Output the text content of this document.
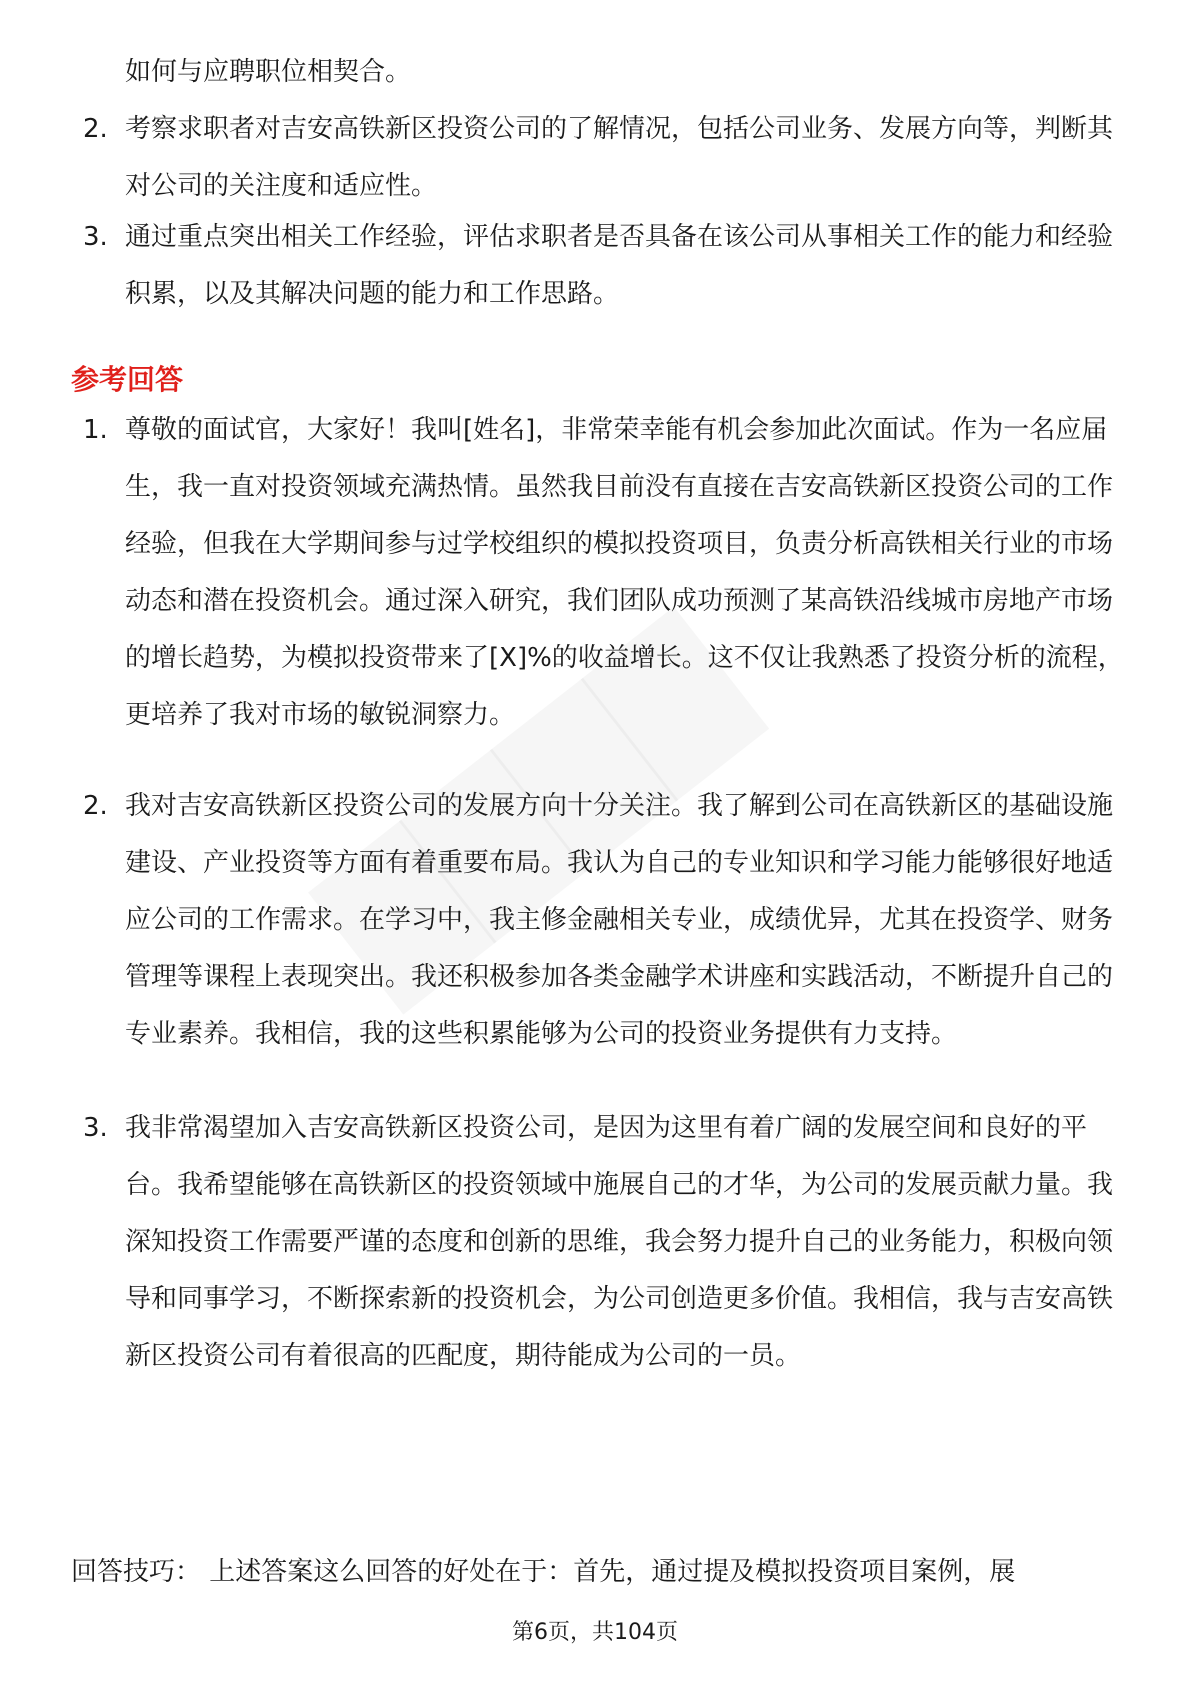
如何与应聘职位相契合。

2. 考察求职者对吉安高铁新区投资公司的了解情况，包括公司业务、发展方向等，判断其对公司的关注度和适应性。

3. 通过重点突出相关工作经验，评估求职者是否具备在该公司从事相关工作的能力和经验积累，以及其解决问题的能力和工作思路。

参考回答
1. 尊敬的面试官，大家好！我叫[姓名]，非常荣幸能有机会参加此次面试。作为一名应届生，我一直对投资领域充满热情。虽然我目前没有直接在吉安高铁新区投资公司的工作经验，但我在大学期间参与过学校组织的模拟投资项目，负责分析高铁相关行业的市场动态和潜在投资机会。通过深入研究，我们团队成功预测了某高铁沿线城市房地产市场的增长趋势，为模拟投资带来了[X]%的收益增长。这不仅让我熟悉了投资分析的流程，更培养了我对市场的敏锐洞察力。

2. 我对吉安高铁新区投资公司的发展方向十分关注。我了解到公司在高铁新区的基础设施建设、产业投资等方面有着重要布局。我认为自己的专业知识和学习能力能够很好地适应公司的工作需求。在学习中，我主修金融相关专业，成绩优异，尤其在投资学、财务管理等课程上表现突出。我还积极参加各类金融学术讲座和实践活动，不断提升自己的专业素养。我相信，我的这些积累能够为公司的投资业务提供有力支持。

3. 我非常渴望加入吉安高铁新区投资公司，是因为这里有着广阔的发展空间和良好的平台。我希望能够在高铁新区的投资领域中施展自己的才华，为公司的发展贡献力量。我深知投资工作需要严谨的态度和创新的思维，我会努力提升自己的业务能力，积极向领导和同事学习，不断探索新的投资机会，为公司创造更多价值。我相信，我与吉安高铁新区投资公司有着很高的匹配度，期待能成为公司的一员。

回答技巧： 上述答案这么回答的好处在于：首先，通过提及模拟投资项目案例，展
第6页，共104页
